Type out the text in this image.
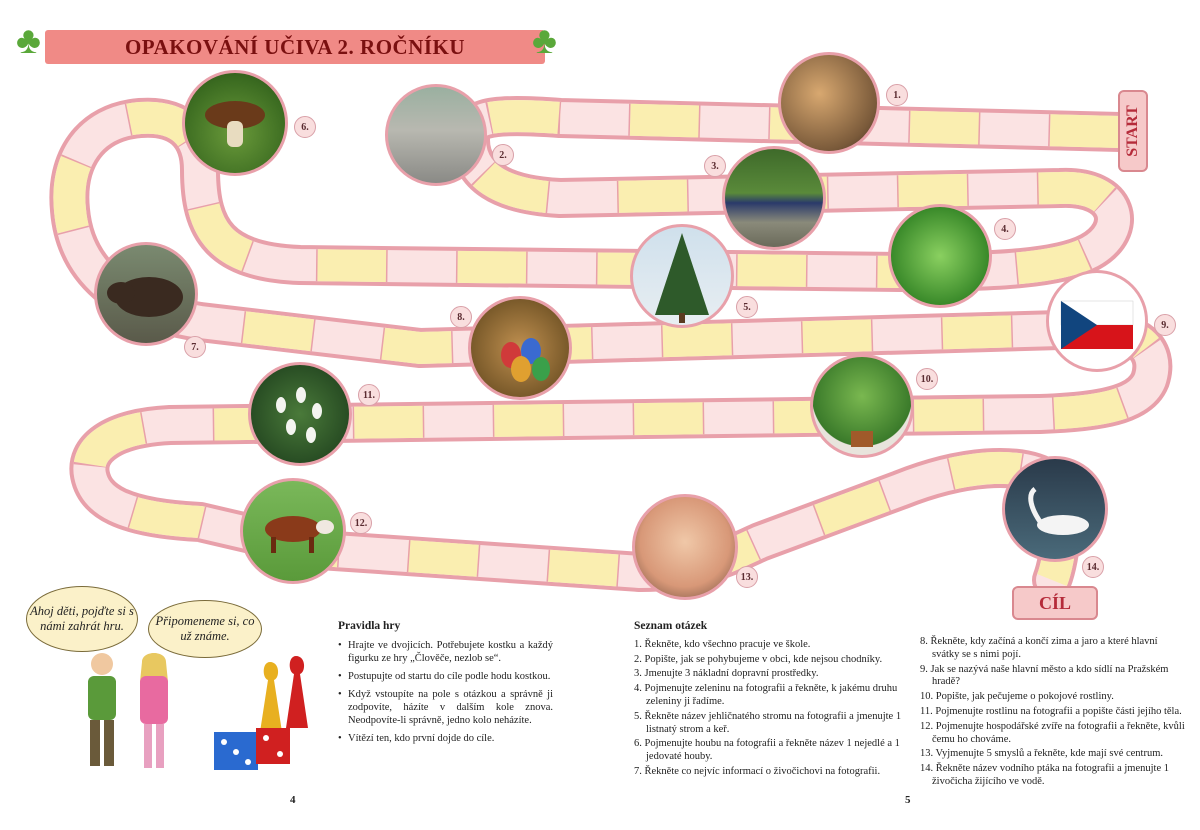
♣	OPAKOVÁNÍ UČIVA 2. ROČNÍKU	♣
START
CÍL
1.
2.
3.
4.
5.
6.
7.
8.
9.
10.
11.
12.
13.
14.
Ahoj děti, pojďte si s námi zahrát hru.	Připomeneme si, co už známe.
Pravidla hry
• Hrajte ve dvojicích. Potřebujete kostku a každý figurku ze hry „Člověče, nezlob se“.
• Postupujte od startu do cíle podle hodu kostkou.
• Když vstoupíte na pole s otázkou a správně ji zodpovíte, házíte v dalším kole znova. Neodpovíte-li správně, jedno kolo neházíte.
• Vítězí ten, kdo první dojde do cíle.
Seznam otázek

1. Řekněte, kdo všechno pracuje ve škole.

2. Popište, jak se pohybujeme v obci, kde nejsou chodníky.

3. Jmenujte 3 nákladní dopravní prostředky.

4. Pojmenujte zeleninu na fotografii a řekněte, k jakému druhu zeleniny ji řadíme.

5. Řekněte název jehličnatého stromu na fotografii a jmenujte 1 listnatý strom a keř.

6. Pojmenujte houbu na fotografii a řekněte název 1 nejedlé a 1 jedovaté houby.

7. Řekněte co nejvíc informací o živočichovi na fotografii.

8. Řekněte, kdy začíná a končí zima a jaro a které hlavní svátky se s nimi pojí.

9. Jak se nazývá naše hlavní město a kdo sídlí na Pražském hradě?

10. Popište, jak pečujeme o pokojové rostliny.

11. Pojmenujte rostlinu na fotografii a popište části jejího těla.

12. Pojmenujte hospodářské zvíře na fotografii a řekněte, kvůli čemu ho chováme.

13. Vyjmenujte 5 smyslů a řekněte, kde mají své centrum.

14. Řekněte název vodního ptáka na fotografii a jmenujte 1 živočicha žijícího ve vodě.

4	5
